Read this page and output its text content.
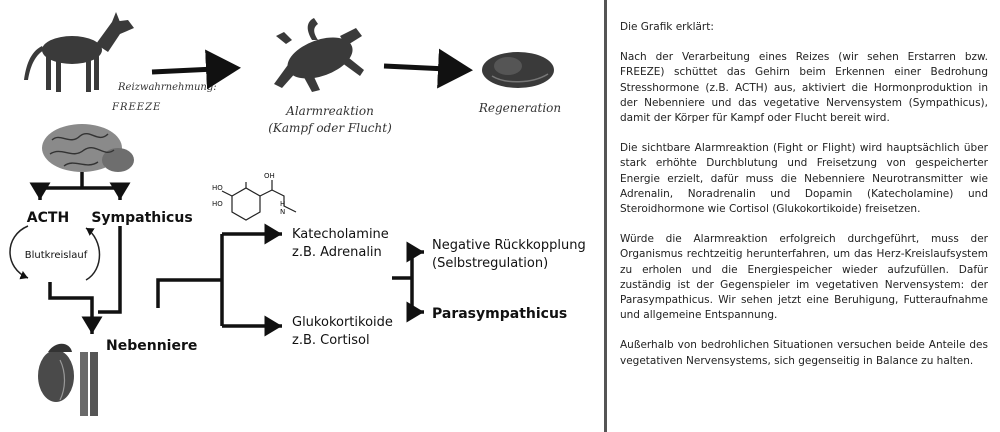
Reizwahrnehmung:
FREEZE	Alarmreaktion
(Kampf oder Flucht)
Regeneration
ACTH Sympathicus
Blutkreislauf
Nebenniere
HO
HO
OH
N
H
Katecholamine
z.B. Adrenalin
Glukokortikoide
z.B. Cortisol
Negative Rückkopplung
(Selbstregulation)
Parasympathicus

Die Grafik erklärt:

Nach der Verarbeitung eines Reizes (wir sehen Erstarren bzw. FREEZE) schüttet das Gehirn beim Erkennen einer Bedrohung Stresshormone (z.B. ACTH) aus, aktiviert die Hormonproduktion in der Nebenniere und das vegetative Nervensystem (Sympathicus), damit der Körper für Kampf oder Flucht bereit wird.

Die sichtbare Alarmreaktion (Fight or Flight) wird hauptsächlich über stark erhöhte Durchblutung und Freisetzung von gespeicherter Energie erzielt, dafür muss die Nebenniere Neurotransmitter wie Adrenalin, Noradrenalin und Dopamin (Katecholamine) und Steroidhormone wie Cortisol (Glukokortikoide) freisetzen.

Würde die Alarmreaktion erfolgreich durchgeführt, muss der Organismus rechtzeitig herunterfahren, um das Herz-Kreislaufsystem zu erholen und die Energiespeicher wieder aufzufüllen. Dafür zuständig ist der Gegenspieler im vegetativen Nervensystem: der Parasympathicus. Wir sehen jetzt eine Beruhigung, Futteraufnahme und allgemeine Entspannung.

Außerhalb von bedrohlichen Situationen versuchen beide Anteile des vegetativen Nervensystems, sich gegenseitig in Balance zu halten.
